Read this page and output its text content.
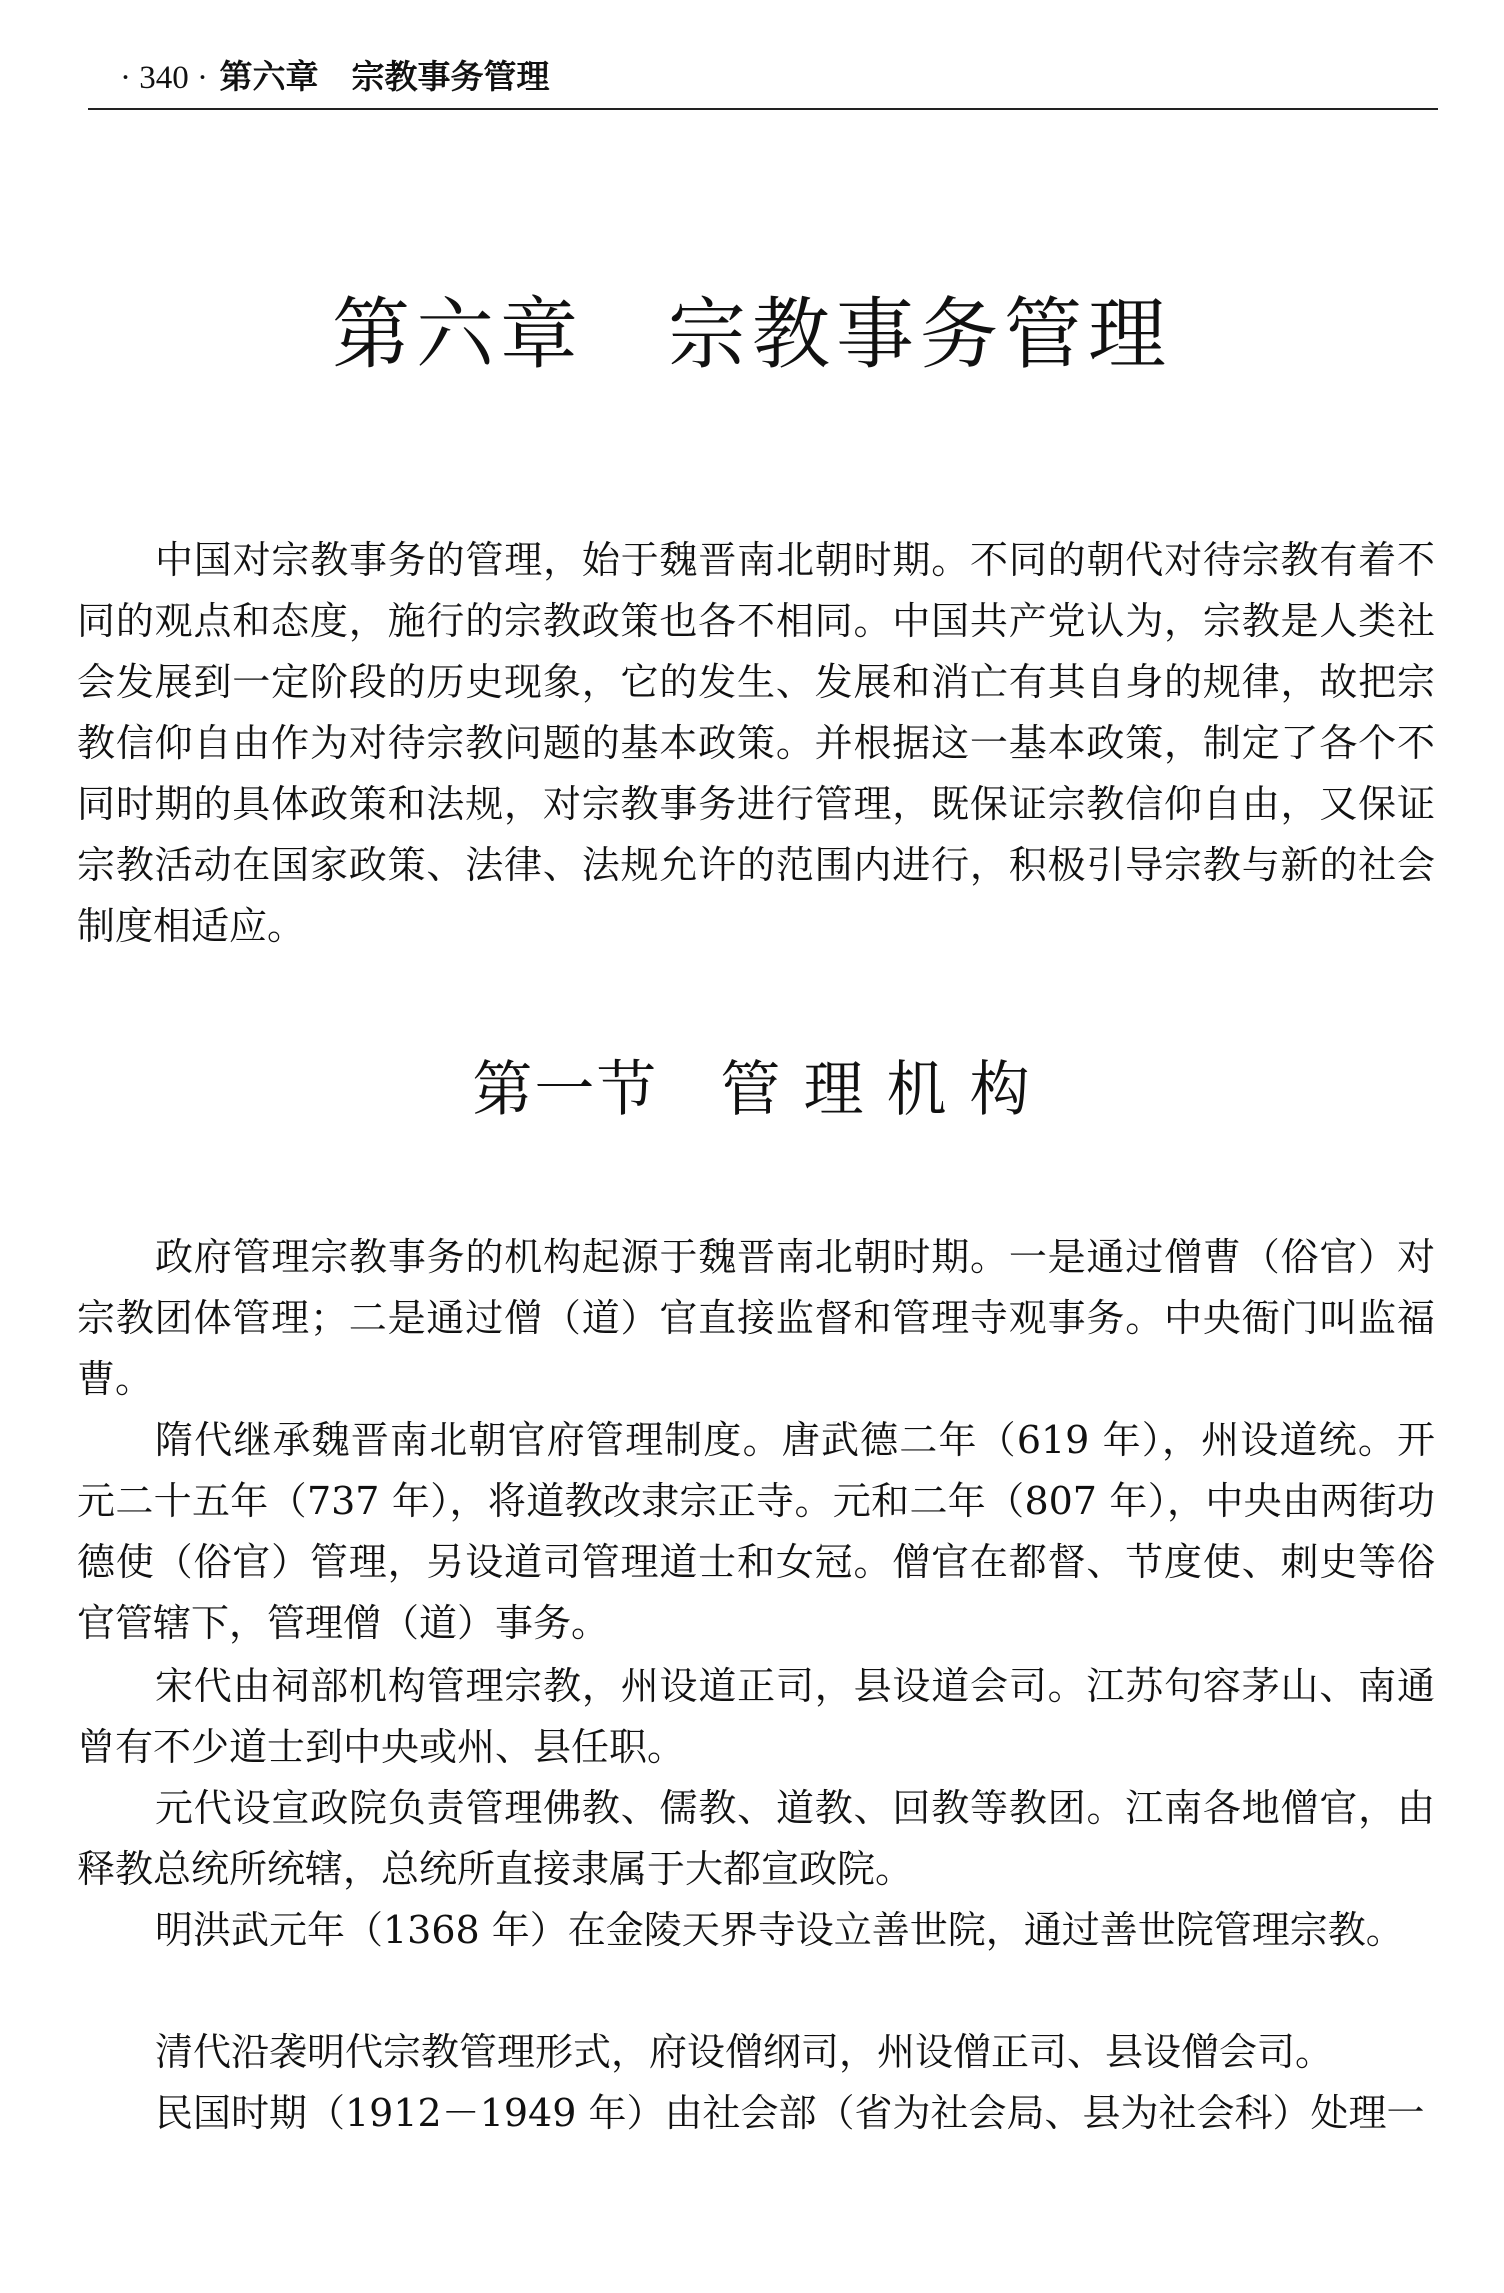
· 340 · 第六章　宗教事务管理
第六章　宗教事务管理

中国对宗教事务的管理，始于魏晋南北朝时期。不同的朝代对待宗教有着不同的观点和态度，施行的宗教政策也各不相同。中国共产党认为，宗教是人类社会发展到一定阶段的历史现象，它的发生、发展和消亡有其自身的规律，故把宗教信仰自由作为对待宗教问题的基本政策。并根据这一基本政策，制定了各个不同时期的具体政策和法规，对宗教事务进行管理，既保证宗教信仰自由，又保证宗教活动在国家政策、法律、法规允许的范围内进行，积极引导宗教与新的社会制度相适应。

第一节　管 理 机 构

政府管理宗教事务的机构起源于魏晋南北朝时期。一是通过僧曹（俗官）对宗教团体管理；二是通过僧（道）官直接监督和管理寺观事务。中央衙门叫监福曹。

隋代继承魏晋南北朝官府管理制度。唐武德二年（619 年），州设道统。开元二十五年（737 年），将道教改隶宗正寺。元和二年（807 年），中央由两街功德使（俗官）管理，另设道司管理道士和女冠。僧官在都督、节度使、刺史等俗官管辖下，管理僧（道）事务。

宋代由祠部机构管理宗教，州设道正司，县设道会司。江苏句容茅山、南通曾有不少道士到中央或州、县任职。

元代设宣政院负责管理佛教、儒教、道教、回教等教团。江南各地僧官，由释教总统所统辖，总统所直接隶属于大都宣政院。

明洪武元年（1368 年）在金陵天界寺设立善世院，通过善世院管理宗教。

清代沿袭明代宗教管理形式，府设僧纲司，州设僧正司、县设僧会司。

民国时期（1912－1949 年）由社会部（省为社会局、县为社会科）处理一
